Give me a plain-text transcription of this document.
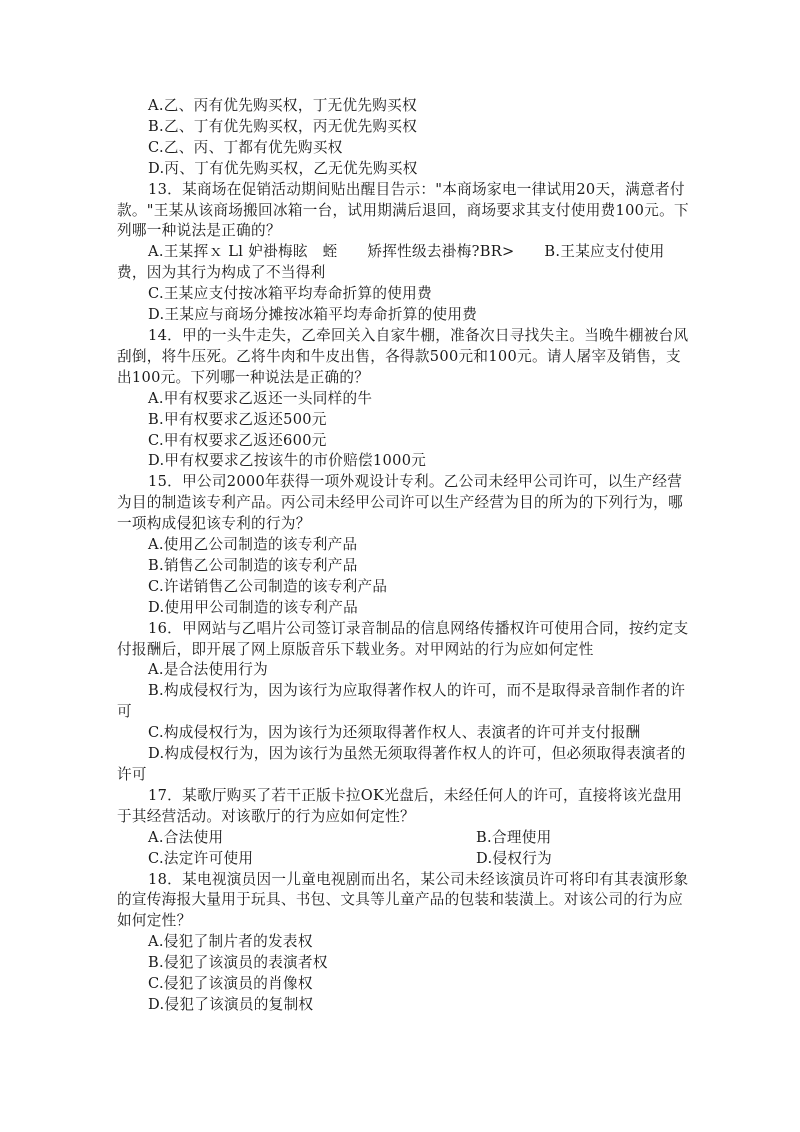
A.乙、丙有优先购买权，丁无优先购买权
B.乙、丁有优先购买权，丙无优先购买权
C.乙、丙、丁都有优先购买权
D.丙、丁有优先购买权，乙无优先购买权
13．某商场在促销活动期间贴出醒目告示："本商场家电一律试用20天，满意者付款。"王某从该商场搬回冰箱一台，试用期满后退回，商场要求其支付使用费100元。下列哪一种说法是正确的？
A.王某挥ｘ Ll 妒褂梅眩　蛭　　矫挥性级去褂梅?BR>　　B.王某应支付使用费，因为其行为构成了不当得利
C.王某应支付按冰箱平均寿命折算的使用费
D.王某应与商场分摊按冰箱平均寿命折算的使用费
14．甲的一头牛走失，乙牵回关入自家牛棚，准备次日寻找失主。当晚牛棚被台风刮倒，将牛压死。乙将牛肉和牛皮出售，各得款500元和100元。请人屠宰及销售，支出100元。下列哪一种说法是正确的？
A.甲有权要求乙返还一头同样的牛
B.甲有权要求乙返还500元
C.甲有权要求乙返还600元
D.甲有权要求乙按该牛的市价赔偿1000元
15．甲公司2000年获得一项外观设计专利。乙公司未经甲公司许可，以生产经营为目的制造该专利产品。丙公司未经甲公司许可以生产经营为目的所为的下列行为，哪一项构成侵犯该专利的行为？
A.使用乙公司制造的该专利产品
B.销售乙公司制造的该专利产品
C.许诺销售乙公司制造的该专利产品
D.使用甲公司制造的该专利产品
16．甲网站与乙唱片公司签订录音制品的信息网络传播权许可使用合同，按约定支付报酬后，即开展了网上原版音乐下载业务。对甲网站的行为应如何定性
A.是合法使用行为
B.构成侵权行为，因为该行为应取得著作权人的许可，而不是取得录音制作者的许可
C.构成侵权行为，因为该行为还须取得著作权人、表演者的许可并支付报酬
D.构成侵权行为，因为该行为虽然无须取得著作权人的许可，但必须取得表演者的许可
17．某歌厅购买了若干正版卡拉OK光盘后，未经任何人的许可，直接将该光盘用于其经营活动。对该歌厅的行为应如何定性？
A.合法使用	B.合理使用
C.法定许可使用	D.侵权行为
18．某电视演员因一儿童电视剧而出名，某公司未经该演员许可将印有其表演形象的宣传海报大量用于玩具、书包、文具等儿童产品的包装和装潢上。对该公司的行为应如何定性？
A.侵犯了制片者的发表权
B.侵犯了该演员的表演者权
C.侵犯了该演员的肖像权
D.侵犯了该演员的复制权
